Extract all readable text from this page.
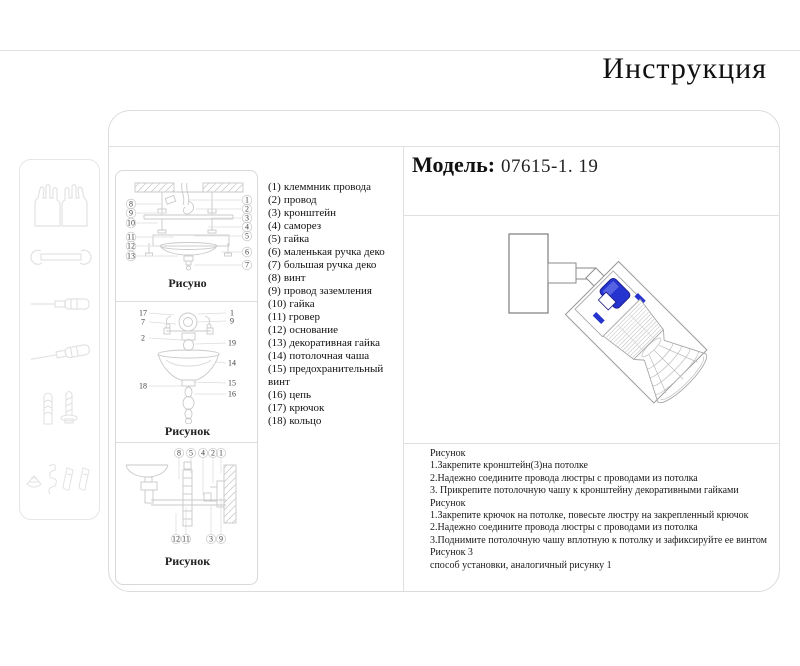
Инструкция
8
9
10
11
12
13
1
2
3
4
5
6
7
Рисуно
17
7
2
18
1
9
19
14
15
16
Рисунок
8 5 4 2 1
12 11 3 9
Рисунок
(1) клеммник провода
(2) провод
(3) кронштейн
(4) саморез
(5) гайка
(6) маленькая ручка деко
(7) большая ручка деко
(8) винт
(9) провод заземления
(10) гайка
(11) гровер
(12) основание
(13) декоративная гайка
(14) потолочная чаша
(15) предохранительный винт
(16) цепь
(17) крючок
(18) кольцо
Модель: 07615-1. 19
Рисунок
1.Закрепите кронштейн(3)на потолке
2.Надежно соедините провода люстры с проводами из потолка
3. Прикрепите потолочную чашу к кронштейну декоративными гайками
Рисунок
1.Закрепите крючок на потолке, повесьте люстру на закрепленный крючок
2.Надежно соедините провода люстры с проводами из потолка
3.Поднимите потолочную чашу вплотную к потолку и зафиксируйте ее винтом
Рисунок 3
способ установки, аналогичный рисунку 1
